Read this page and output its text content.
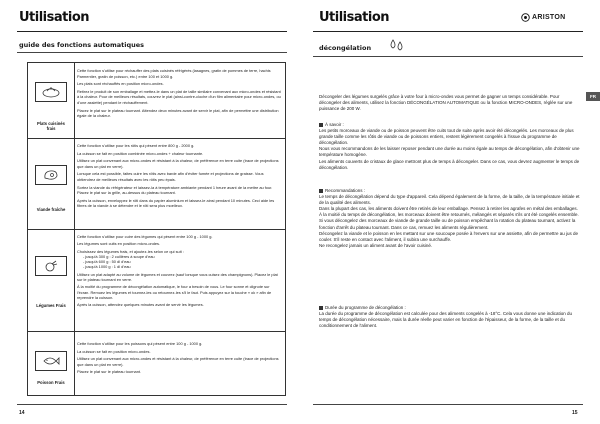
Utilisation
guide des fonctions automatiques
Plats cuisinés
frais

Cette fonction s'utilise pour réchauffer des plats cuisinés réfrigérés (lasagnes, gratin de pommes de terre, hachis Parmentier, gratin de poisson, etc.) entre 100 et 1000 g.

Les plats sont réchauffés en position micro-ondes.

Retirez le produit de son emballage et mettez-le dans un plat de taille similaire convenant aux micro-ondes et résistant à la chaleur. Pour de meilleurs résultats, couvrez le plat (ainsi-contre-cloche d'un film alimentaire pour micro-ondes, ou d'une assiette) pendant le réchauffement.

Placez le plat sur le plateau tournant. Attendez deux minutes avant de servir le plat, afin de permettre une distribution égale de la chaleur.

Viande fraîche

Cette fonction s'utilise pour les rôtis qui pèsent entre 800 g - 2000 g.

La cuisson se fait en position combinée micro-ondes + chaleur tournante.

Utilisez un plat convenant aux micro-ondes et résistant à la chaleur, de préférence en terre cuite (trace de projections que dans un plat en verre).

Lorsque cela est possible, faites cuire les rôtis avec barde afin d'éviter fumée et projections de graisse. Vous obtiendrez de meilleurs résultats avec les rôtis peu épais.

Sortez la viande du réfrigérateur et laissez-la à température ambiante pendant 1 heure avant de la mettre au four. Placez le plat sur la grille, au-dessus du plateau tournant.

Après la cuisson, enveloppez le rôti dans du papier aluminium et laissez-le ainsi pendant 10 minutes. Ceci aide les fibres de la viande à se détendre et le rôti sera plus moelleux.

Légumes Frais

Cette fonction s'utilise pour cuire des légumes qui pèsent entre 100 g - 1000 g.

Les légumes sont cuits en position micro-ondes.

Choisissez des légumes frais, et ajoutez-les selon ce qui suit :

- jusqu'à 300 g : 2 cuillères à soupe d'eau

- jusqu'à 600 g : 50 dl d'eau

- jusqu'à 1000 g : 1 dl d'eau

Utilisez un plat adapté au volume de légumes et couvrez (sauf lorsque vous cuisez des champignons). Placez le plat sur le plateau tournant en verre.

À la moitié du programme de décongélation automatique, le four a besoin de vous. Le four sonne et clignote sur l'écran. Remuez les légumes et tournez-les ou retournez-les s'il le faut. Puis appuyez sur la touche « ok » afin de reprendre la cuisson.

Après la cuisson, attendez quelques minutes avant de servir les légumes.

Poisson Frais

Cette fonction s'utilise pour les poissons qui pèsent entre 100 g - 1000 g.

La cuisson se fait en position micro-ondes.

Utilisez un plat convenant aux micro-ondes et résistant à la chaleur, de préférence en terre cuite (trace de projections que dans un plat en verre).

Placez le plat sur le plateau tournant.

14
Utilisation	ARISTON
décongélation
FR

Décongeler des légumes surgelés grâce à votre four à micro-ondes vous permet de gagner un temps considérable. Pour décongeler des aliments, utilisez la fonction DÉCONGÉLATION AUTOMATIQUE ou la fonction MICRO-ONDES, réglée sur une puissance de 200 W.

À savoir :

Les petits morceaux de viande ou de poisson peuvent être cuits tout de suite après avoir été décongelés. Les morceaux de plus grande taille comme les rôtis de viande ou de poissons entiers, restent légèrement congelés à l'issue du programme de décongélation.

Nous vous recommandons de les laisser reposer pendant une durée au moins égale au temps de décongélation, afin d'obtenir une température homogène.

Les aliments couverts de cristaux de glace mettront plus de temps à décongeler. Dans ce cas, vous devrez augmenter le temps de décongélation.

Recommandations :

Le temps de décongélation dépend du type d'appareil. Cela dépend également de la forme, de la taille, de la température initiale et de la qualité des aliments.

Dans la plupart des cas, les aliments doivent être retirés de leur emballage. Pensez à retirer les agrafes en métal des emballages.

À la moitié du temps de décongélation, les morceaux doivent être retournés, mélangés et séparés s'ils ont été congelés ensemble.

Si vous décongelez des morceaux de viande de grande taille ou de poisson empêchant la rotation du plateau tournant, activez la fonction d'arrêt du plateau tournant. Dans ce cas, remuez les aliments régulièrement.

Décongelez la viande et le poisson en les mettant sur une soucoupe posée à l'envers sur une assiette, afin de permettre au jus de couler. S'il reste en contact avec l'aliment, il subira une surchauffe.

Ne recongelez jamais un aliment avant de l'avoir cuisiné.

Durée du programme de décongélation :

La durée du programme de décongélation est calculée pour des aliments congelés à -18°C. Cela vous donne une indication du temps de décongélation nécessaire, mais la durée réelle peut varier en fonction de l'épaisseur, de la forme, de la taille et du conditionnement de l'aliment.

15
